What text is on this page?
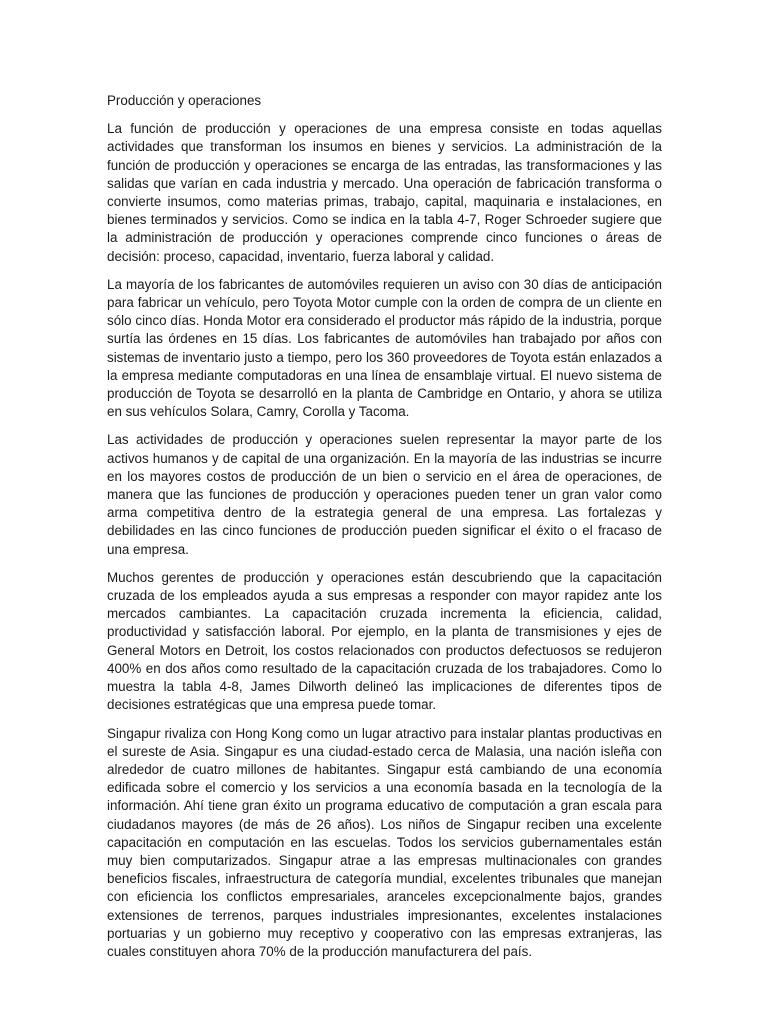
Producción y operaciones

La función de producción y operaciones de una empresa consiste en todas aquellas actividades que transforman los insumos en bienes y servicios. La administración de la función de producción y operaciones se encarga de las entradas, las transformaciones y las salidas que varían en cada industria y mercado. Una operación de fabricación transforma o convierte insumos, como materias primas, trabajo, capital, maquinaria e instalaciones, en bienes terminados y servicios. Como se indica en la tabla 4-7, Roger Schroeder sugiere que la administración de producción y operaciones comprende cinco funciones o áreas de decisión: proceso, capacidad, inventario, fuerza laboral y calidad.

La mayoría de los fabricantes de automóviles requieren un aviso con 30 días de anticipación para fabricar un vehículo, pero Toyota Motor cumple con la orden de compra de un cliente en sólo cinco días. Honda Motor era considerado el productor más rápido de la industria, porque surtía las órdenes en 15 días. Los fabricantes de automóviles han trabajado por años con sistemas de inventario justo a tiempo, pero los 360 proveedores de Toyota están enlazados a la empresa mediante computadoras en una línea de ensamblaje virtual. El nuevo sistema de producción de Toyota se desarrolló en la planta de Cambridge en Ontario, y ahora se utiliza en sus vehículos Solara, Camry, Corolla y Tacoma.

Las actividades de producción y operaciones suelen representar la mayor parte de los activos humanos y de capital de una organización. En la mayoría de las industrias se incurre en los mayores costos de producción de un bien o servicio en el área de operaciones, de manera que las funciones de producción y operaciones pueden tener un gran valor como arma competitiva dentro de la estrategia general de una empresa. Las fortalezas y debilidades en las cinco funciones de producción pueden significar el éxito o el fracaso de una empresa.

Muchos gerentes de producción y operaciones están descubriendo que la capacitación cruzada de los empleados ayuda a sus empresas a responder con mayor rapidez ante los mercados cambiantes. La capacitación cruzada incrementa la eficiencia, calidad, productividad y satisfacción laboral. Por ejemplo, en la planta de transmisiones y ejes de General Motors en Detroit, los costos relacionados con productos defectuosos se redujeron 400% en dos años como resultado de la capacitación cruzada de los trabajadores. Como lo muestra la tabla 4-8, James Dilworth delineó las implicaciones de diferentes tipos de decisiones estratégicas que una empresa puede tomar.

Singapur rivaliza con Hong Kong como un lugar atractivo para instalar plantas productivas en el sureste de Asia. Singapur es una ciudad-estado cerca de Malasia, una nación isleña con alrededor de cuatro millones de habitantes. Singapur está cambiando de una economía edificada sobre el comercio y los servicios a una economía basada en la tecnología de la información. Ahí tiene gran éxito un programa educativo de computación a gran escala para ciudadanos mayores (de más de 26 años). Los niños de Singapur reciben una excelente capacitación en computación en las escuelas. Todos los servicios gubernamentales están muy bien computarizados. Singapur atrae a las empresas multinacionales con grandes beneficios fiscales, infraestructura de categoría mundial, excelentes tribunales que manejan con eficiencia los conflictos empresariales, aranceles excepcionalmente bajos, grandes extensiones de terrenos, parques industriales impresionantes, excelentes instalaciones portuarias y un gobierno muy receptivo y cooperativo con las empresas extranjeras, las cuales constituyen ahora 70% de la producción manufacturera del país.
